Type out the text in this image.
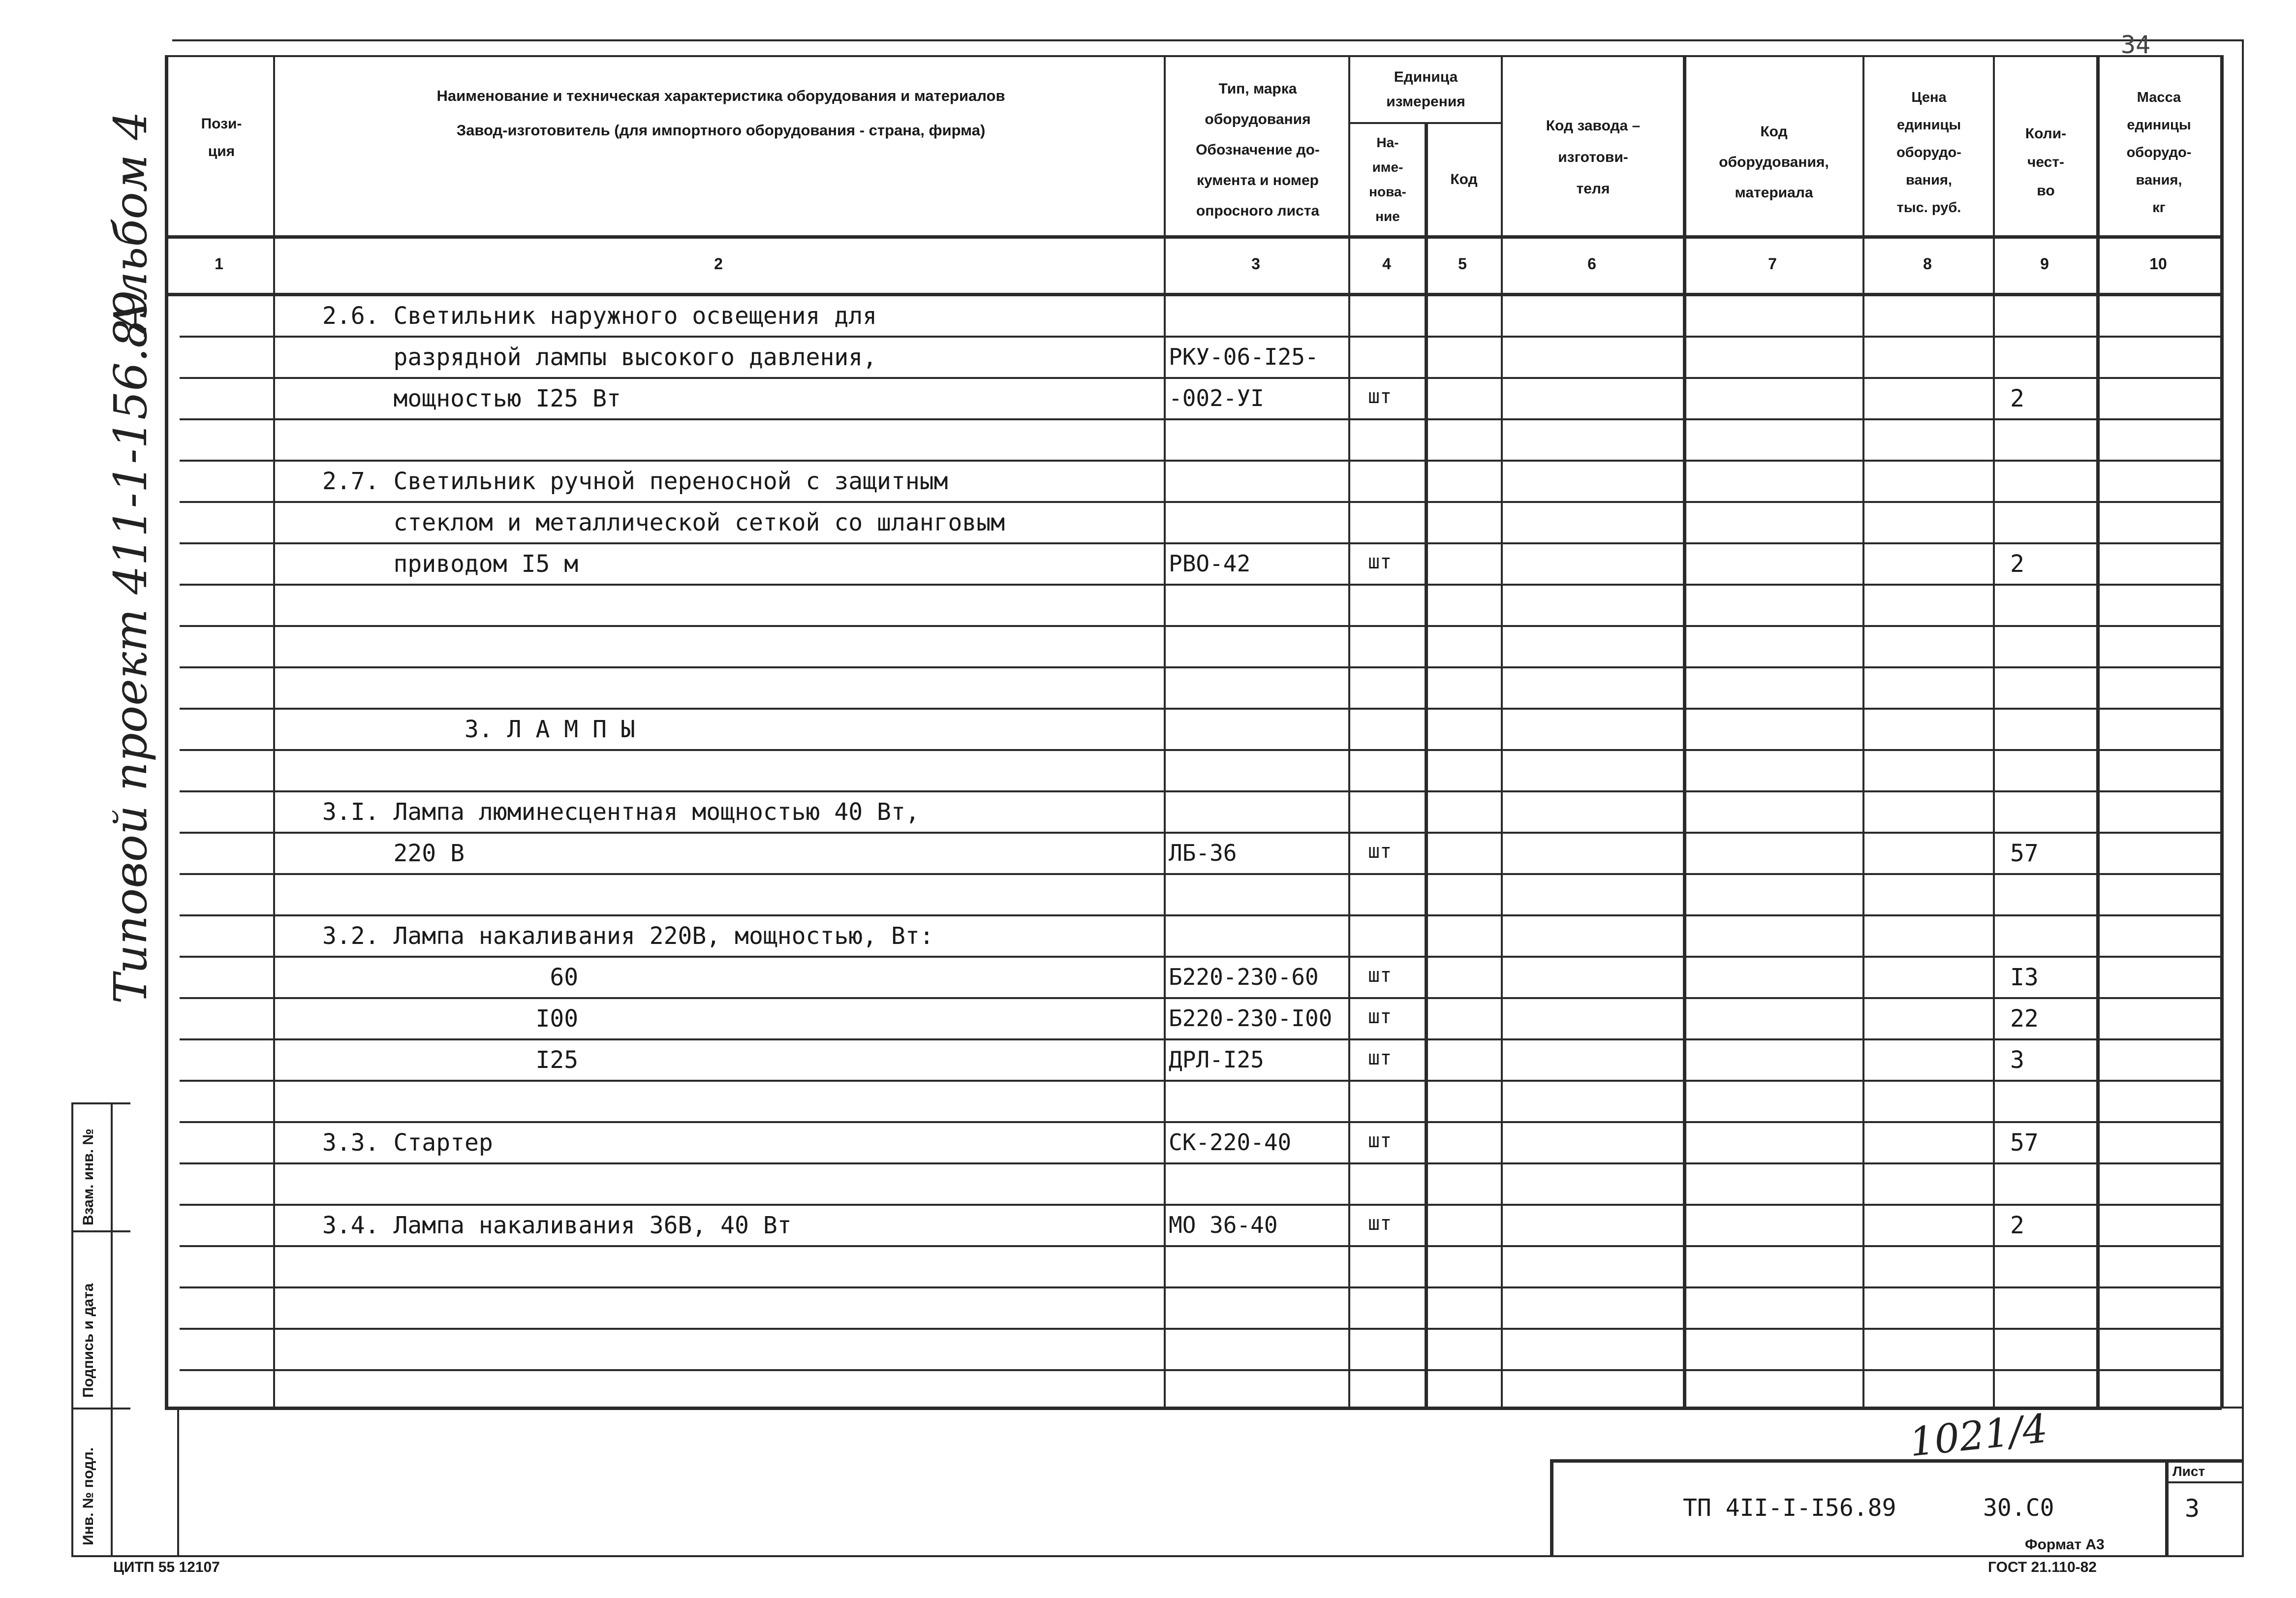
34
Альбом 4
Типовой проект 411-1-156.89
Взам. инв. №
Подпись и дата
Инв. № подл.
Пози-
ция
Наименование и техническая характеристика оборудования и материалов
Завод-изготовитель (для импортного оборудования - страна, фирма)
Тип, марка
оборудования
Обозначение до-
кумента и номер
опросного листа
Единица
измерения
На-
име-
нова-
ние
Код
Код завода –
изготови-
теля
Код
оборудования,
материала
Цена
единицы
оборудо-
вания,
тыс. руб.
Коли-
чест-
во
Масса
единицы
оборудо-
вания,
кг
1	2	3	4	5	6	7	8	9	10
2.6. Светильник наружного освещения для
разрядной лампы высокого давления,	РКУ-06-I25-
мощностью I25 Вт	-002-УI	шт	2
2.7. Светильник ручной переносной с защитным
стеклом и металлической сеткой со шланговым
приводом I5 м	РВО-42	шт	2
3. Л А М П Ы
3.I. Лампа люминесцентная мощностью 40 Вт,
220 В	ЛБ-36	шт	57
3.2. Лампа накаливания 220В, мощностью, Вт:
60	Б220-230-60	шт	I3
I00	Б220-230-I00 шт	22
I25	ДРЛ-I25	шт	3
3.3. Стартер	СК-220-40	шт	57
3.4. Лампа накаливания 36В, 40 Вт	МО 36-40	шт	2
1021/4
ТП 4II-I-I56.89	30.С0
Лист
3
Формат А3
ГОСТ 21.110-82
ЦИТП 55 12107
